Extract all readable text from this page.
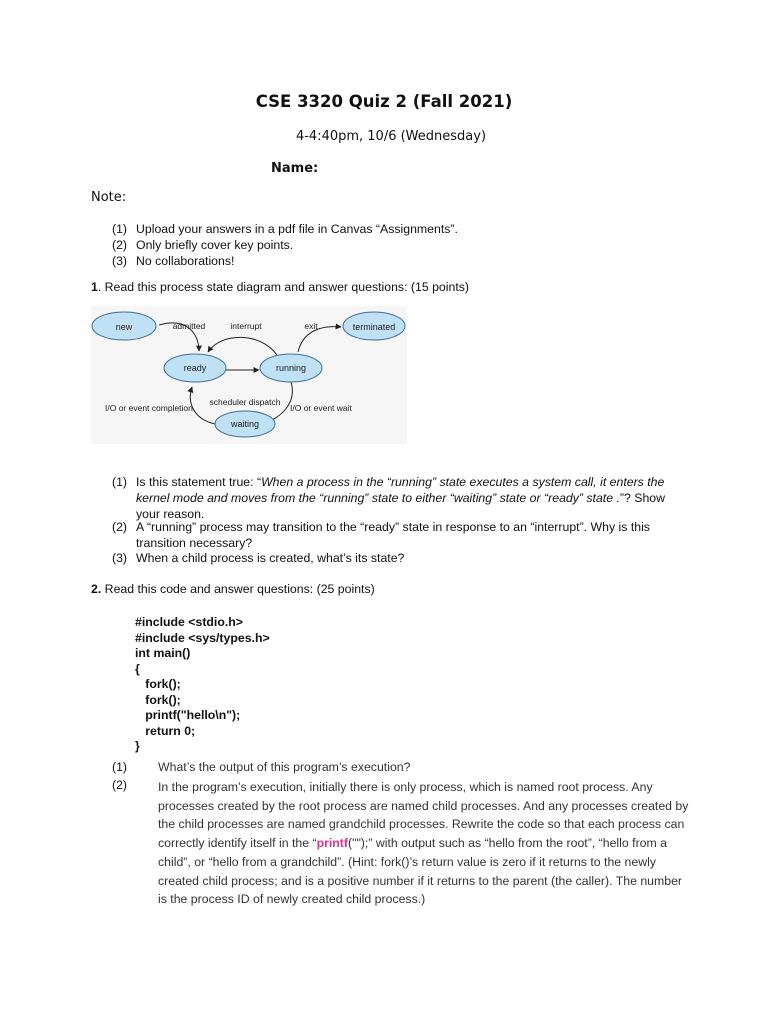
CSE 3320 Quiz 2 (Fall 2021)
4-4:40pm, 10/6 (Wednesday)
Name:
Note:
(1) Upload your answers in a pdf file in Canvas “Assignments”.
(2) Only briefly cover key points.
(3) No collaborations!
1. Read this process state diagram and answer questions: (15 points)
new	terminated
ready	running
waiting
admitted	interrupt	exit
scheduler dispatch
I/O or event completion	I/O or event wait
(1) Is this statement true: “When a process in the “running” state executes a system call, it enters the kernel mode and moves from the “running” state to either “waiting” state or “ready” state .”? Show your reason.
(2) A “running” process may transition to the “ready” state in response to an “interrupt”. Why is this transition necessary?
(3) When a child process is created, what’s its state?
2. Read this code and answer questions: (25 points)
#include <stdio.h>
#include <sys/types.h>
int main()
{
fork();
fork();
printf("hello\n");
return 0;
}
(1)	What’s the output of this program’s execution?
(2)	In the program’s execution, initially there is only process, which is named root process. Any processes created by the root process are named child processes. And any processes created by the child processes are named grandchild processes. Rewrite the code so that each process can correctly identify itself in the “printf("");” with output such as “hello from the root”, “hello from a child”, or “hello from a grandchild”. (Hint: fork()’s return value is zero if it returns to the newly created child process; and is a positive number if it returns to the parent (the caller). The number is the process ID of newly created child process.)
